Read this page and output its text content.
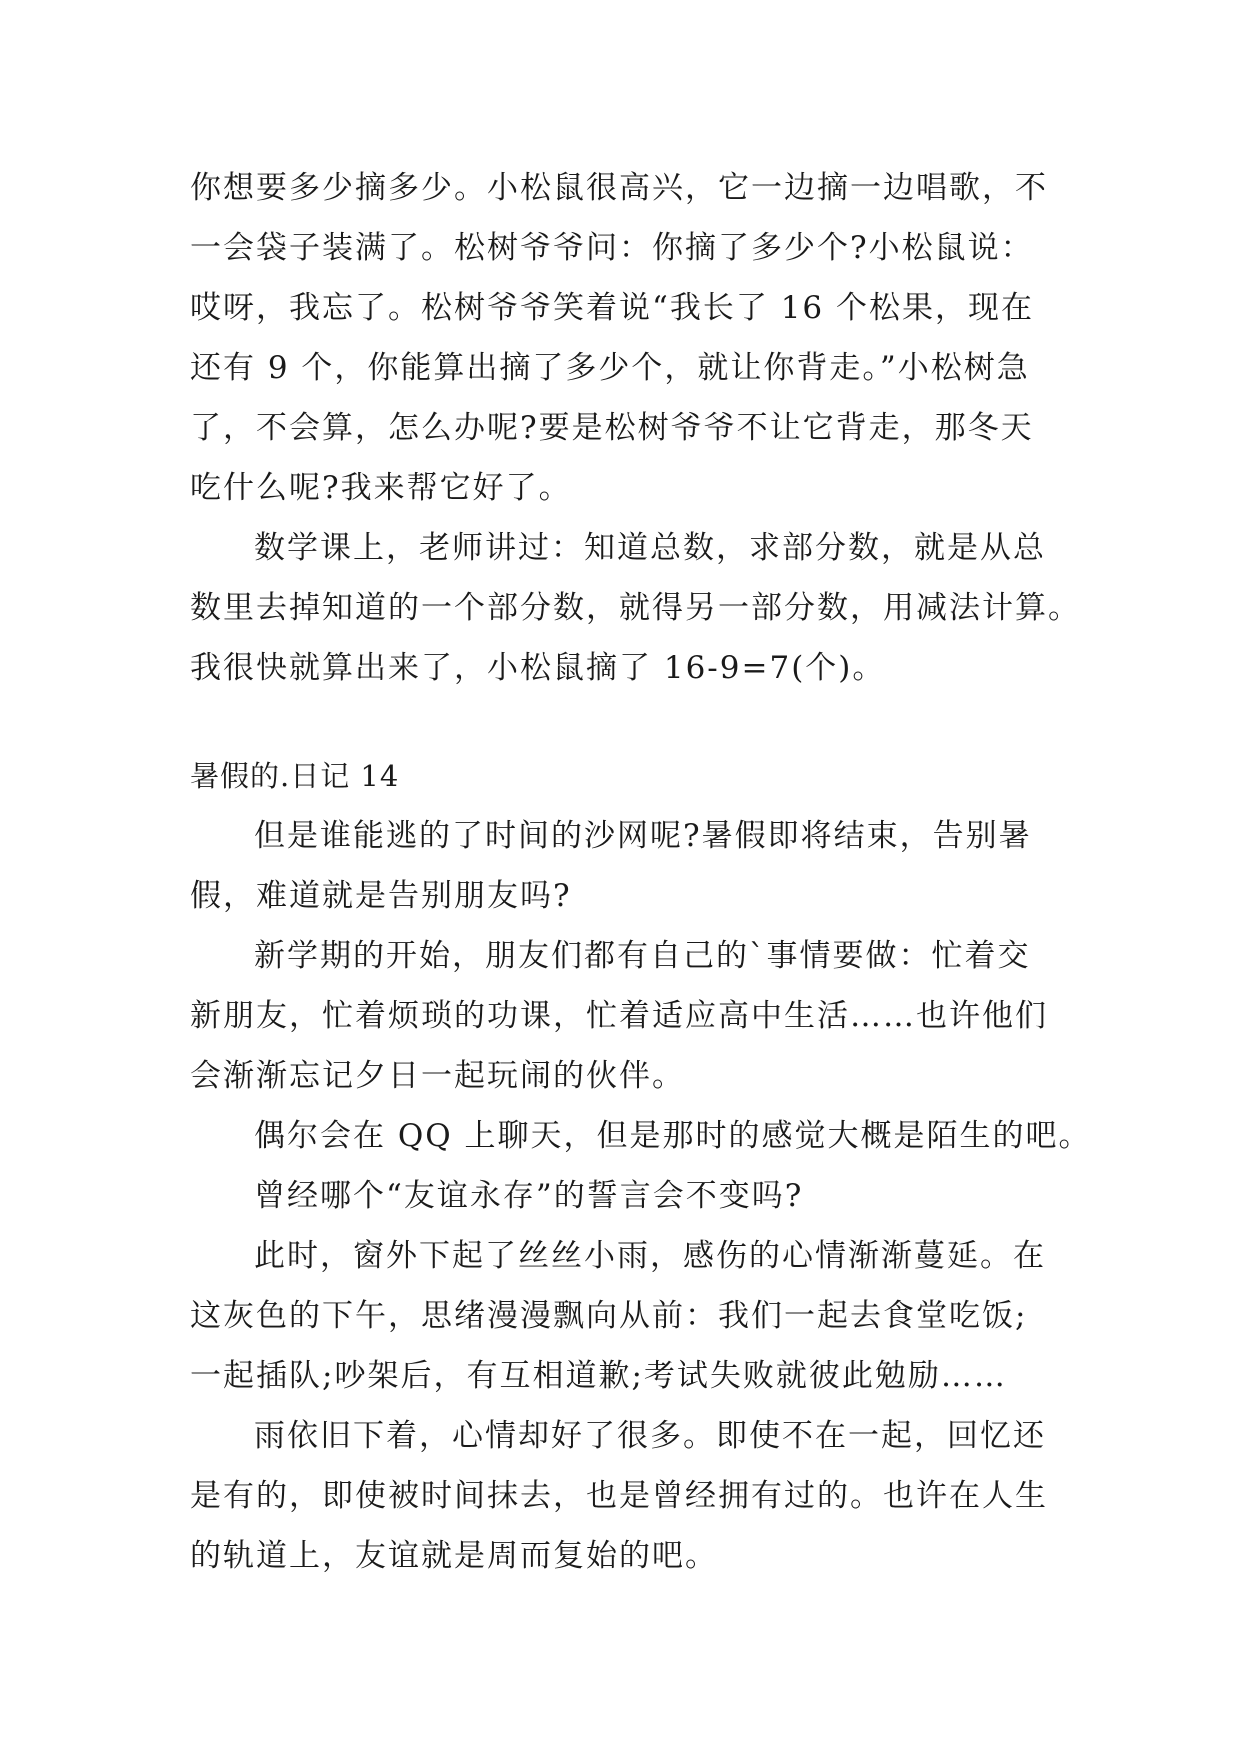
你想要多少摘多少。小松鼠很高兴，它一边摘一边唱歌，不
一会袋子装满了。松树爷爷问：你摘了多少个?小松鼠说：
哎呀，我忘了。松树爷爷笑着说“我长了 16 个松果，现在
还有 9 个，你能算出摘了多少个，就让你背走。”小松树急
了，不会算，怎么办呢?要是松树爷爷不让它背走，那冬天
吃什么呢?我来帮它好了。
数学课上，老师讲过：知道总数，求部分数，就是从总
数里去掉知道的一个部分数，就得另一部分数，用减法计算。
我很快就算出来了，小松鼠摘了 16-9=7(个)。
暑假的.日记 14
但是谁能逃的了时间的沙网呢?暑假即将结束，告别暑
假，难道就是告别朋友吗?
新学期的开始，朋友们都有自己的`事情要做：忙着交
新朋友，忙着烦琐的功课，忙着适应高中生活……也许他们
会渐渐忘记夕日一起玩闹的伙伴。
偶尔会在 QQ 上聊天，但是那时的感觉大概是陌生的吧。
曾经哪个“友谊永存”的誓言会不变吗?
此时，窗外下起了丝丝小雨，感伤的心情渐渐蔓延。在
这灰色的下午，思绪漫漫飘向从前：我们一起去食堂吃饭;
一起插队;吵架后，有互相道歉;考试失败就彼此勉励……
雨依旧下着，心情却好了很多。即使不在一起，回忆还
是有的，即使被时间抹去，也是曾经拥有过的。也许在人生
的轨道上，友谊就是周而复始的吧。
